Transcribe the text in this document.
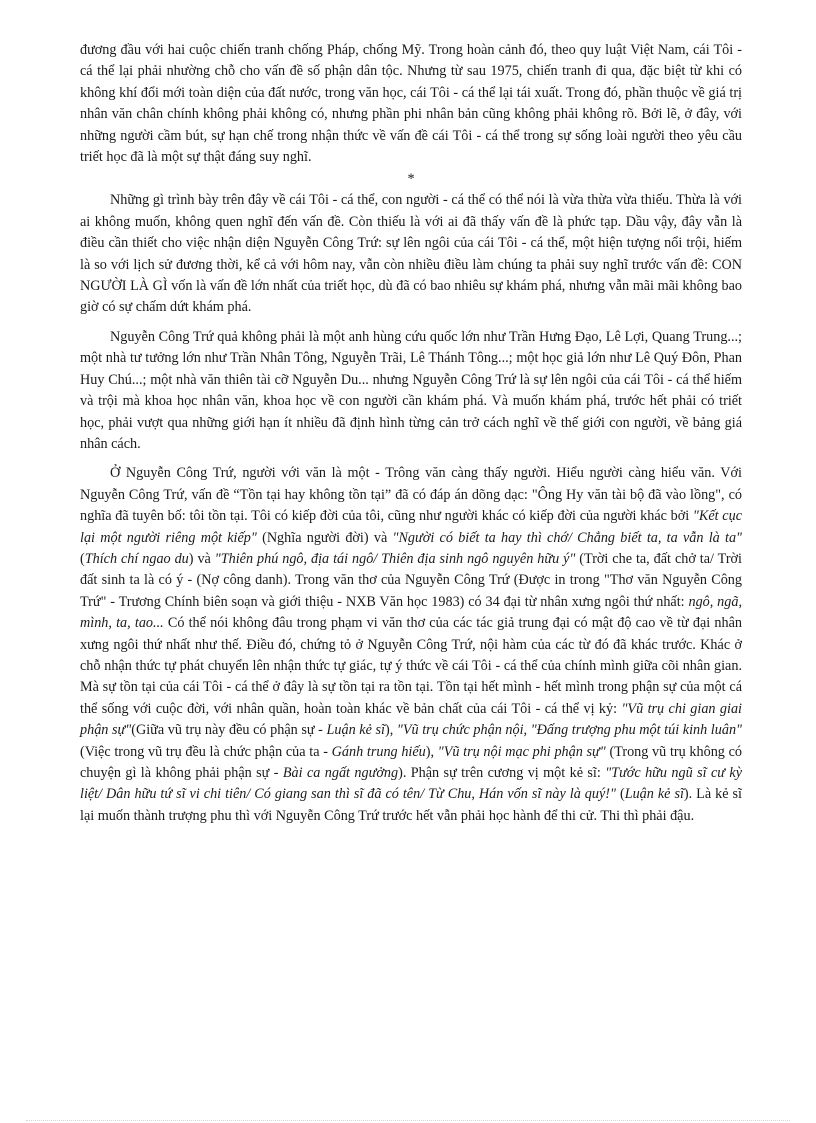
đương đầu với hai cuộc chiến tranh chống Pháp, chống Mỹ. Trong hoàn cảnh đó, theo quy luật Việt Nam, cái Tôi - cá thể lại phải nhường chỗ cho vấn đề số phận dân tộc. Nhưng từ sau 1975, chiến tranh đi qua, đặc biệt từ khi có không khí đổi mới toàn diện của đất nước, trong văn học, cái Tôi - cá thể lại tái xuất. Trong đó, phần thuộc về giá trị nhân văn chân chính không phải không có, nhưng phần phi nhân bản cũng không phải không rõ. Bởi lẽ, ở đây, với những người cầm bút, sự hạn chế trong nhận thức về vấn đề cái Tôi - cá thể trong sự sống loài người theo yêu cầu triết học đã là một sự thật đáng suy nghĩ.

*

Những gì trình bày trên đây về cái Tôi - cá thể, con người - cá thể có thể nói là vừa thừa vừa thiếu. Thừa là với ai không muốn, không quen nghĩ đến vấn đề. Còn thiếu là với ai đã thấy vấn đề là phức tạp. Dầu vậy, đây vẫn là điều cần thiết cho việc nhận diện Nguyễn Công Trứ: sự lên ngôi của cái Tôi - cá thể, một hiện tượng nổi trội, hiếm là so với lịch sử đương thời, kể cả với hôm nay, vẫn còn nhiều điều làm chúng ta phải suy nghĩ trước vấn đề: CON NGƯỜI LÀ GÌ vốn là vấn đề lớn nhất của triết học, dù đã có bao nhiêu sự khám phá, nhưng vẫn mãi mãi không bao giờ có sự chấm dứt khám phá.

Nguyễn Công Trứ quả không phải là một anh hùng cứu quốc lớn như Trần Hưng Đạo, Lê Lợi, Quang Trung...; một nhà tư tưởng lớn như Trần Nhân Tông, Nguyễn Trãi, Lê Thánh Tông...; một học giả lớn như Lê Quý Đôn, Phan Huy Chú...; một nhà văn thiên tài cỡ Nguyễn Du... nhưng Nguyễn Công Trứ là sự lên ngôi của cái Tôi - cá thể hiếm và trội mà khoa học nhân văn, khoa học về con người cần khám phá. Và muốn khám phá, trước hết phải có triết học, phải vượt qua những giới hạn ít nhiều đã định hình từng cản trở cách nghĩ về thế giới con người, về bảng giá nhân cách.

Ở Nguyễn Công Trứ, người với văn là một - Trông văn càng thấy người. Hiểu người càng hiểu văn. Với Nguyễn Công Trứ, vấn đề “Tồn tại hay không tồn tại” đã có đáp án dõng dạc: "Ông Hy văn tài bộ đã vào lồng", có nghĩa đã tuyên bố: tôi tồn tại. Tôi có kiếp đời của tôi, cũng như người khác có kiếp đời của người khác bởi "Kết cục lại một người riêng một kiếp" (Nghĩa người đời) và "Người có biết ta hay thì chớ/ Chẳng biết ta, ta vẫn là ta" (Thích chí ngao du) và "Thiên phú ngô, địa tái ngô/ Thiên địa sinh ngô nguyên hữu ý" (Trời che ta, đất chở ta/ Trời đất sinh ta là có ý - (Nợ công danh). Trong văn thơ của Nguyễn Công Trứ (Được in trong "Thơ văn Nguyễn Công Trứ" - Trương Chính biên soạn và giới thiệu - NXB Văn học 1983) có 34 đại từ nhân xưng ngôi thứ nhất: ngô, ngã, mình, ta, tao... Có thể nói không đâu trong phạm vi văn thơ của các tác giả trung đại có mật độ cao về từ đại nhân xưng ngôi thứ nhất như thế. Điều đó, chứng tỏ ở Nguyễn Công Trứ, nội hàm của các từ đó đã khác trước. Khác ở chỗ nhận thức tự phát chuyển lên nhận thức tự giác, tự ý thức về cái Tôi - cá thể của chính mình giữa cõi nhân gian. Mà sự tồn tại của cái Tôi - cá thể ở đây là sự tồn tại ra tồn tại. Tồn tại hết mình - hết mình trong phận sự của một cá thể sống với cuộc đời, với nhân quần, hoàn toàn khác về bản chất của cái Tôi - cá thể vị kỷ: "Vũ trụ chi gian giai phận sự"(Giữa vũ trụ này đều có phận sự - Luận kẻ sĩ), "Vũ trụ chức phận nội, "Đấng trượng phu một túi kinh luân" (Việc trong vũ trụ đều là chức phận của ta - Gánh trung hiếu), "Vũ trụ nội mạc phi phận sự" (Trong vũ trụ không có chuyện gì là không phải phận sự - Bài ca ngất ngưởng). Phận sự trên cương vị một kẻ sĩ: "Tước hữu ngũ sĩ cư kỳ liệt/ Dân hữu tứ sĩ vi chi tiên/ Có giang san thì sĩ đã có tên/ Từ Chu, Hán vốn sĩ này là quý!" (Luận kẻ sĩ). Là kẻ sĩ lại muốn thành trượng phu thì với Nguyễn Công Trứ trước hết vẫn phải học hành để thi cử. Thi thì phải đậu.
